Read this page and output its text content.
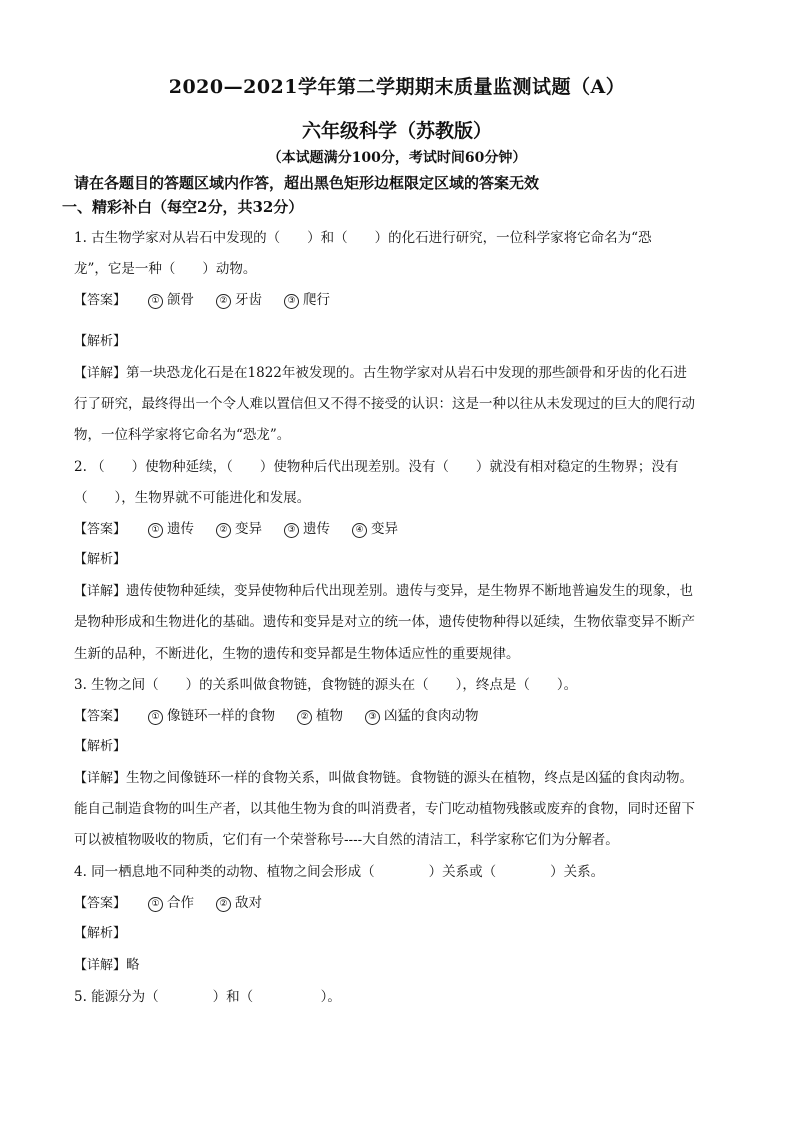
2020—2021学年第二学期期末质量监测试题（A）
六年级科学（苏教版）
（本试题满分100分，考试时间60分钟）
请在各题目的答题区域内作答，超出黑色矩形边框限定区域的答案无效
一、精彩补白（每空2分，共32分）
1. 古生物学家对从岩石中发现的（　　）和（　　）的化石进行研究，一位科学家将它命名为“恐
龙”，它是一种（　　）动物。
【答案】	① 颌骨	② 牙齿	③ 爬行
【解析】
【详解】第一块恐龙化石是在1822年被发现的。古生物学家对从岩石中发现的那些颌骨和牙齿的化石进
行了研究，最终得出一个令人难以置信但又不得不接受的认识：这是一种以往从未发现过的巨大的爬行动
物，一位科学家将它命名为“恐龙”。
2. （　　）使物种延续，（　　）使物种后代出现差别。没有（　　）就没有相对稳定的生物界；没有
（　　），生物界就不可能进化和发展。
【答案】	① 遗传	② 变异	③ 遗传	④ 变异
【解析】
【详解】遗传使物种延续，变异使物种后代出现差别。遗传与变异，是生物界不断地普遍发生的现象，也
是物种形成和生物进化的基础。遗传和变异是对立的统一体，遗传使物种得以延续，生物依靠变异不断产
生新的品种，不断进化，生物的遗传和变异都是生物体适应性的重要规律。
3. 生物之间（　　）的关系叫做食物链，食物链的源头在（　　），终点是（　　）。
【答案】	① 像链环一样的食物	② 植物	③ 凶猛的食肉动物
【解析】
【详解】生物之间像链环一样的食物关系，叫做食物链。食物链的源头在植物，终点是凶猛的食肉动物。
能自己制造食物的叫生产者，以其他生物为食的叫消费者，专门吃动植物残骸或废弃的食物，同时还留下
可以被植物吸收的物质，它们有一个荣誉称号----大自然的清洁工，科学家称它们为分解者。
4. 同一栖息地不同种类的动物、植物之间会形成（　　　　）关系或（　　　　）关系。
【答案】	① 合作	② 敌对
【解析】
【详解】略
5. 能源分为（　　　　）和（　　　　　）。
